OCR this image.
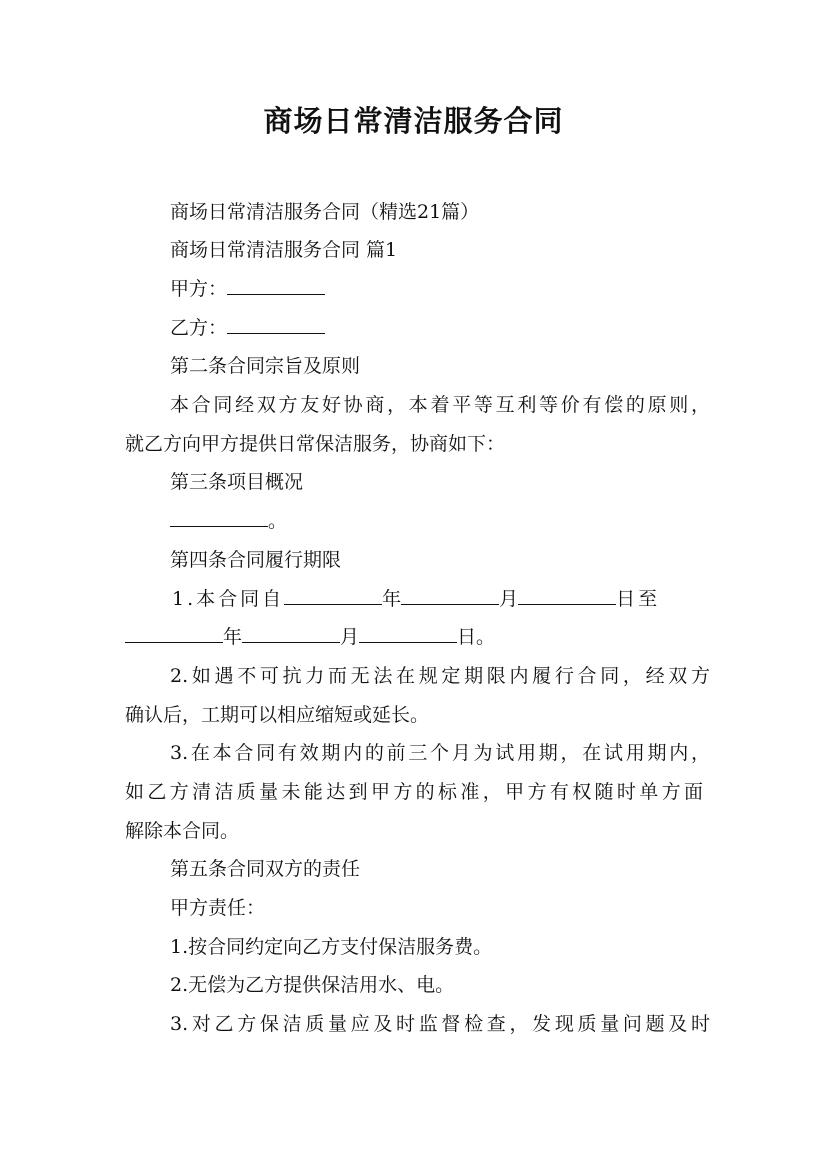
商场日常清洁服务合同
商场日常清洁服务合同（精选21篇）
商场日常清洁服务合同 篇1
甲方：
乙方：
第二条合同宗旨及原则
本合同经双方友好协商，本着平等互利等价有偿的原则，
就乙方向甲方提供日常保洁服务，协商如下：
第三条项目概况
。
第四条合同履行期限
1.本合同自	年	月	日至
年	月	日。
2.如遇不可抗力而无法在规定期限内履行合同，经双方
确认后，工期可以相应缩短或延长。
3.在本合同有效期内的前三个月为试用期，在试用期内，
如乙方清洁质量未能达到甲方的标准，甲方有权随时单方面
解除本合同。
第五条合同双方的责任
甲方责任：
1.按合同约定向乙方支付保洁服务费。
2.无偿为乙方提供保洁用水、电。
3.对乙方保洁质量应及时监督检查，发现质量问题及时
